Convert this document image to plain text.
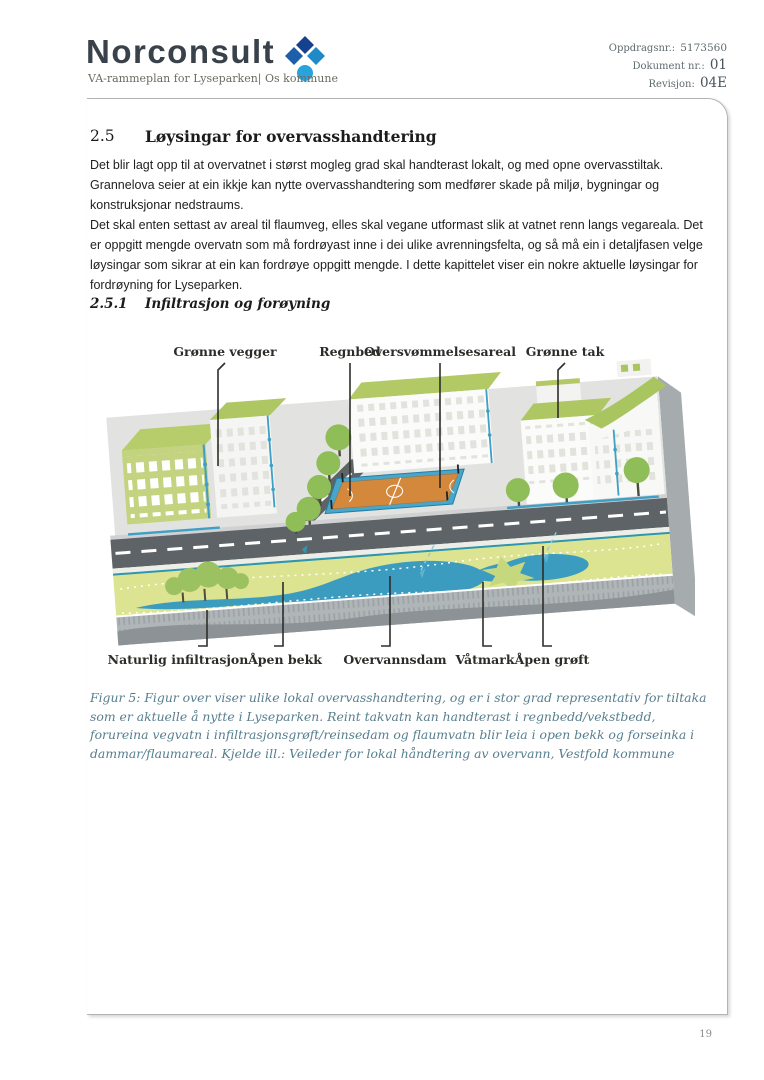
Norconsult
VA-rammeplan for Lyseparken| Os kommune
Oppdragsnr.: 5173560
Dokument nr.: 01
Revisjon: 04E
2.5	Løysingar for overvasshandtering

Det blir lagt opp til at overvatnet i størst mogleg grad skal handterast lokalt, og med opne overvasstiltak. Grannelova seier at ein ikkje kan nytte overvasshandtering som medfører skade på miljø, bygningar og konstruksjonar nedstraums.

Det skal enten settast av areal til flaumveg, elles skal vegane utformast slik at vatnet renn langs vegareala. Det er oppgitt mengde overvatn som må fordrøyast inne i dei ulike avrenningsfelta, og så må ein i detaljfasen velge løysingar som sikrar at ein kan fordrøye oppgitt mengde. I dette kapittelet viser ein nokre aktuelle løysingar for fordrøyning for Lyseparken.

2.5.1	Infiltrasjon og forøyning
Grønne vegger	Regnbed
Oversvømmelsesareal Grønne tak
Naturlig infiltrasjon Åpen bekk Overvannsdam Våtmark Åpen grøft

Figur 5: Figur over viser ulike lokal overvasshandtering, og er i stor grad representativ for tiltaka som er aktuelle å nytte i Lyseparken. Reint takvatn kan handterast i regnbedd/vekstbedd, forureina vegvatn i infiltrasjonsgrøft/reinsedam og flaumvatn blir leia i open bekk og forseinka i dammar/flaumareal. Kjelde ill.: Veileder for lokal håndtering av overvann, Vestfold kommune

19
